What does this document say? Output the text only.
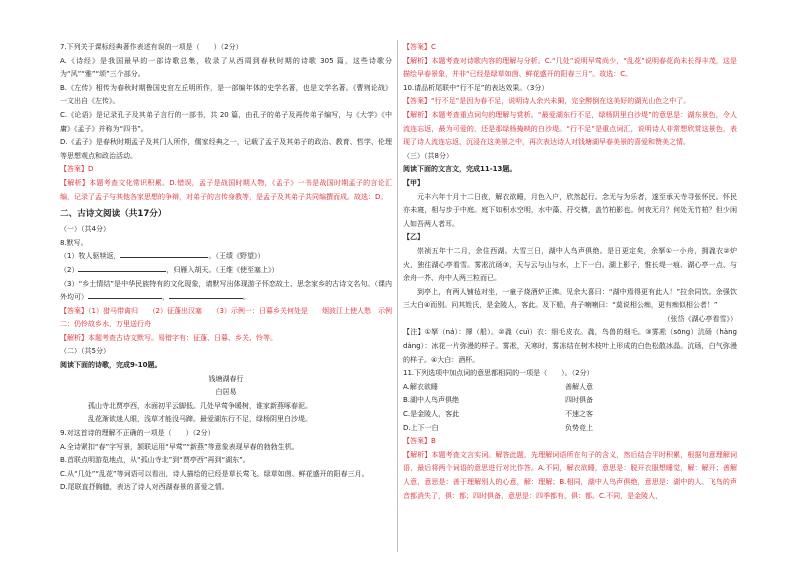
7.下列关于课标经典著作表述有误的一项是（　　）（2分）

A.《诗经》是我国最早的一部诗歌总集，收录了从西周到春秋时期的诗歌 305 篇，这些诗歌分为“风”“雅”“颂”三个部分。

B.《左传》相传为春秋时期鲁国史官左丘明所作，是一部编年体的史学名著，也是文学名著。《曹刿论战》一文出自《左传》。

C.《论语》是记录孔子及其弟子言行的一部书，共 20 篇，由孔子的弟子及再传弟子编写，与《大学》《中庸》《孟子》并称为“四书”。

D.《孟子》是春秋时期孟子及其门人所作，儒家经典之一，记载了孟子及其弟子的政治、教育、哲学、伦理等思想观点和政治活动。

【答案】D

【解析】本题考查文化常识积累。D.错误，孟子是战国时期人物，《孟子》一书是战国时期孟子的言论汇编，记录了孟子与其他各家思想的争辩，对弟子的言传身教等，是孟子及其弟子共同编撰而成。故选：D。

二、古诗文阅读（共17分）

（一）（共4分）

8.默写。

（1）牧人驱犊返，	。（王绩《野望》）

（2）	，归雁入胡天。（王维《使至塞上》）

（3）“乡土情结”是中华民族特有的文化现象，请默写出体现游子怀恋故土、思念家乡的古诗文名句。（课内外均可）	，	。

【答案】（1）猎马带禽归　　（2）征蓬出汉塞　　（3）示例一：日暮乡关何处是　　烟波江上使人愁　示例二：仍怜故乡水，万里送行舟

【解析】本题考查古诗文默写。易错字有：征蓬、日暮、乡关、怜等。

（二）（共5分）

阅读下面的诗歌，完成9-10题。

钱塘湖春行

白居易

孤山寺北贾亭西，水面初平云脚低。几处早莺争暖树，谁家新燕啄春泥。

乱花渐欲迷人眼，浅草才能没马蹄。最爱湖东行不足，绿杨阴里白沙堤。

9.对这首诗的理解不正确的一项是（　　）（2分）

A.全诗紧扣“春”字写景，颔联运用“早莺”“新燕”等意象表现早春的勃勃生机。

B.首联点明游览地点，从“孤山寺北”到“贾亭西”再到“湖东”。

C.从“几处”“乱花”等词语可以看出，诗人描绘的已经是草长莺飞、绿草如茵、鲜花盛开的阳春三月。

D.尾联直抒胸臆，表达了诗人对西湖春景的喜爱之情。

【答案】C

【解析】本题考查对诗歌内容的理解与分析。C.“几处”说明早莺尚少，“乱花”说明春花尚未长得丰茂，这是描绘早春景象，并非“已经是绿草如茵、鲜花盛开的阳春三月”。故选：C。

10.请品析尾联中“行不足”的表达效果。（3分）

【答案】“行不足”是因为春不足，说明诗人余兴未阑，完全醉倒在这美好的湖光山色之中了。

【解析】本题考查重点词句的理解与赏析。“最爱湖东行不足，绿杨阴里白沙堤”的意思是：湖东景色，令人流连忘返，最为可爱的，还是那绿杨掩映的白沙堤。“行不足”是重点词汇，说明诗人非常想欣赏这景色，表现了诗人流连忘返，沉浸在这美景之中，再次表达诗人对钱塘湖早春美景的喜爱和赞美之情。

（三）（共8分）

阅读下面的文言文，完成11-13题。

【甲】

元丰六年十月十二日夜，解衣欲睡，月色入户，欣然起行。念无与为乐者，遂至承天寺寻张怀民。怀民亦未寝，相与步于中庭。庭下如积水空明，水中藻、荇交横，盖竹柏影也。何夜无月？何处无竹柏？但少闲人如吾两人者耳。

【乙】

崇祯五年十二月，余住西湖。大雪三日，湖中人鸟声俱绝。是日更定矣，余拏①一小舟，拥毳衣②炉火，独往湖心亭看雪。雾凇沆砀③，天与云与山与水，上下一白。湖上影子，惟长堤一痕、湖心亭一点、与余舟一芥、舟中人两三粒而已。

到亭上，有两人铺毡对坐，一童子烧酒炉正沸。见余大喜曰：“湖中焉得更有此人！”拉余同饮。余强饮三大白④而别。问其姓氏，是金陵人，客此。及下船，舟子喃喃曰：“莫说相公痴，更有痴似相公者！”

（张岱《湖心亭看雪》）

【注】①拏（ná）：撑（船）。②毳（cuì）衣：细毛皮衣。毳，鸟兽的细毛。③雾凇（sōng）沆砀（hàng dàng）：冰花一片弥漫的样子。雾凇，天寒时，雾冻结在树木枝叶上形成的白色松散冰晶。沆砀，白气弥漫的样子。④大白：酒杯。

11.下列选项中加点词的意思都相同的一项是（　　）。（2分）

A.解衣欲睡	善解人意
B.湖中人鸟声俱绝	四时俱备
C.是金陵人，客此	不速之客
D.上下一白	负势竞上

【答案】B

【解析】本题考查文言实词。解答此题，先理解词语所在句子的含义，然后结合平时积累，根据句意理解词语，最后将两个词语的意思进行对比作答。A.不同，解衣欲睡，意思是：脱开衣服想睡觉，解：解开；善解人意，意思是：善于理解别人的心意，解：理解；B.相同，湖中人鸟声俱绝，意思是：湖中的人、飞鸟的声音都消失了，俱：都；四时俱备，意思是：四季都有，俱：都。C.不同，是金陵人，
